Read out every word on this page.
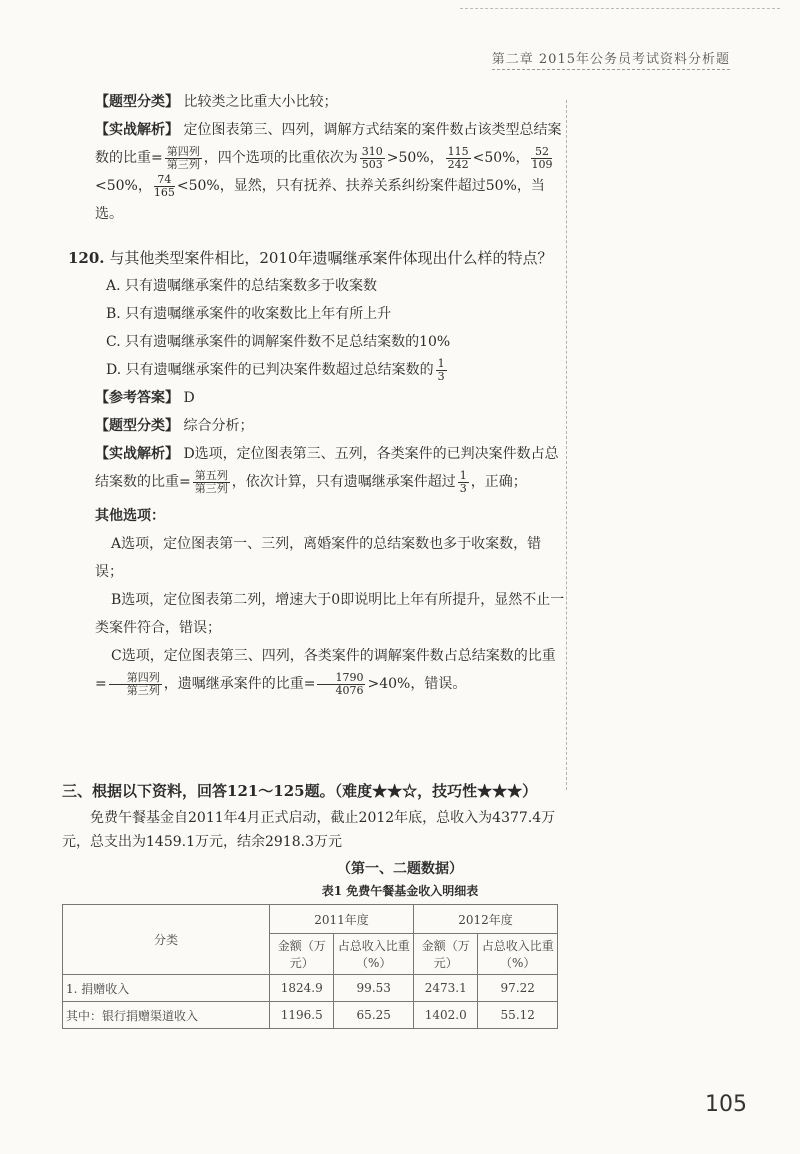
第二章 2015年公务员考试资料分析题
【题型分类】 比较类之比重大小比较；
【实战解析】 定位图表第三、四列，调解方式结案的案件数占该类型总结案数的比重= $\frac{\text{第四列}}{\text{第三列}}$ ，四个选项的比重依次为 $\frac{310}{503} >50\%$， $\frac{115}{242} <50\%$， $\frac{52}{109}$
<50%， $\frac{74}{165} <50\%$，显然，只有抚养、扶养关系纠纷案件超过50%，当选。
120. 与其他类型案件相比，2010年遗嘱继承案件体现出什么样的特点？
A. 只有遗嘱继承案件的总结案数多于收案数
B. 只有遗嘱继承案件的收案数比上年有所上升
C. 只有遗嘱继承案件的调解案件数不足总结案数的10%
D. 只有遗嘱继承案件的已判决案件数超过总结案数的 $\frac{1}{3}$
【参考答案】 D
【题型分类】 综合分析；
【实战解析】 D选项，定位图表第三、五列，各类案件的已判决案件数占总结案数的比重= $\frac{\text{第五列}}{\text{第三列}}$ ，依次计算，只有遗嘱继承案件超过 $\frac{1}{3}$ ，正确；
其他选项：
A选项，定位图表第一、三列，离婚案件的总结案数也多于收案数，错误；
B选项，定位图表第二列，增速大于0即说明比上年有所提升，显然不止一类案件符合，错误；
C选项，定位图表第三、四列，各类案件的调解案件数占总结案数的比重= $\frac{\text{第四列}}{\text{第三列}}$ ，遗嘱继承案件的比重= $\frac{1790}{4076} >40\%$，错误。
三、根据以下资料，回答121～125题。（难度★★☆，技巧性★★★）
免费午餐基金自2011年4月正式启动，截止2012年底，总收入为4377.4万元，总支出为1459.1万元，结余2918.3万元
（第一、二题数据）
表1 免费午餐基金收入明细表
分类	2011年度		2012年度	
	金额（万元）	占总收入比重（%）	金额（万元）	占总收入比重（%）
1. 捐赠收入	1824.9	99.53	2473.1	97.22
其中：银行捐赠渠道收入	1196.5	65.25	1402.0	55.12
105
